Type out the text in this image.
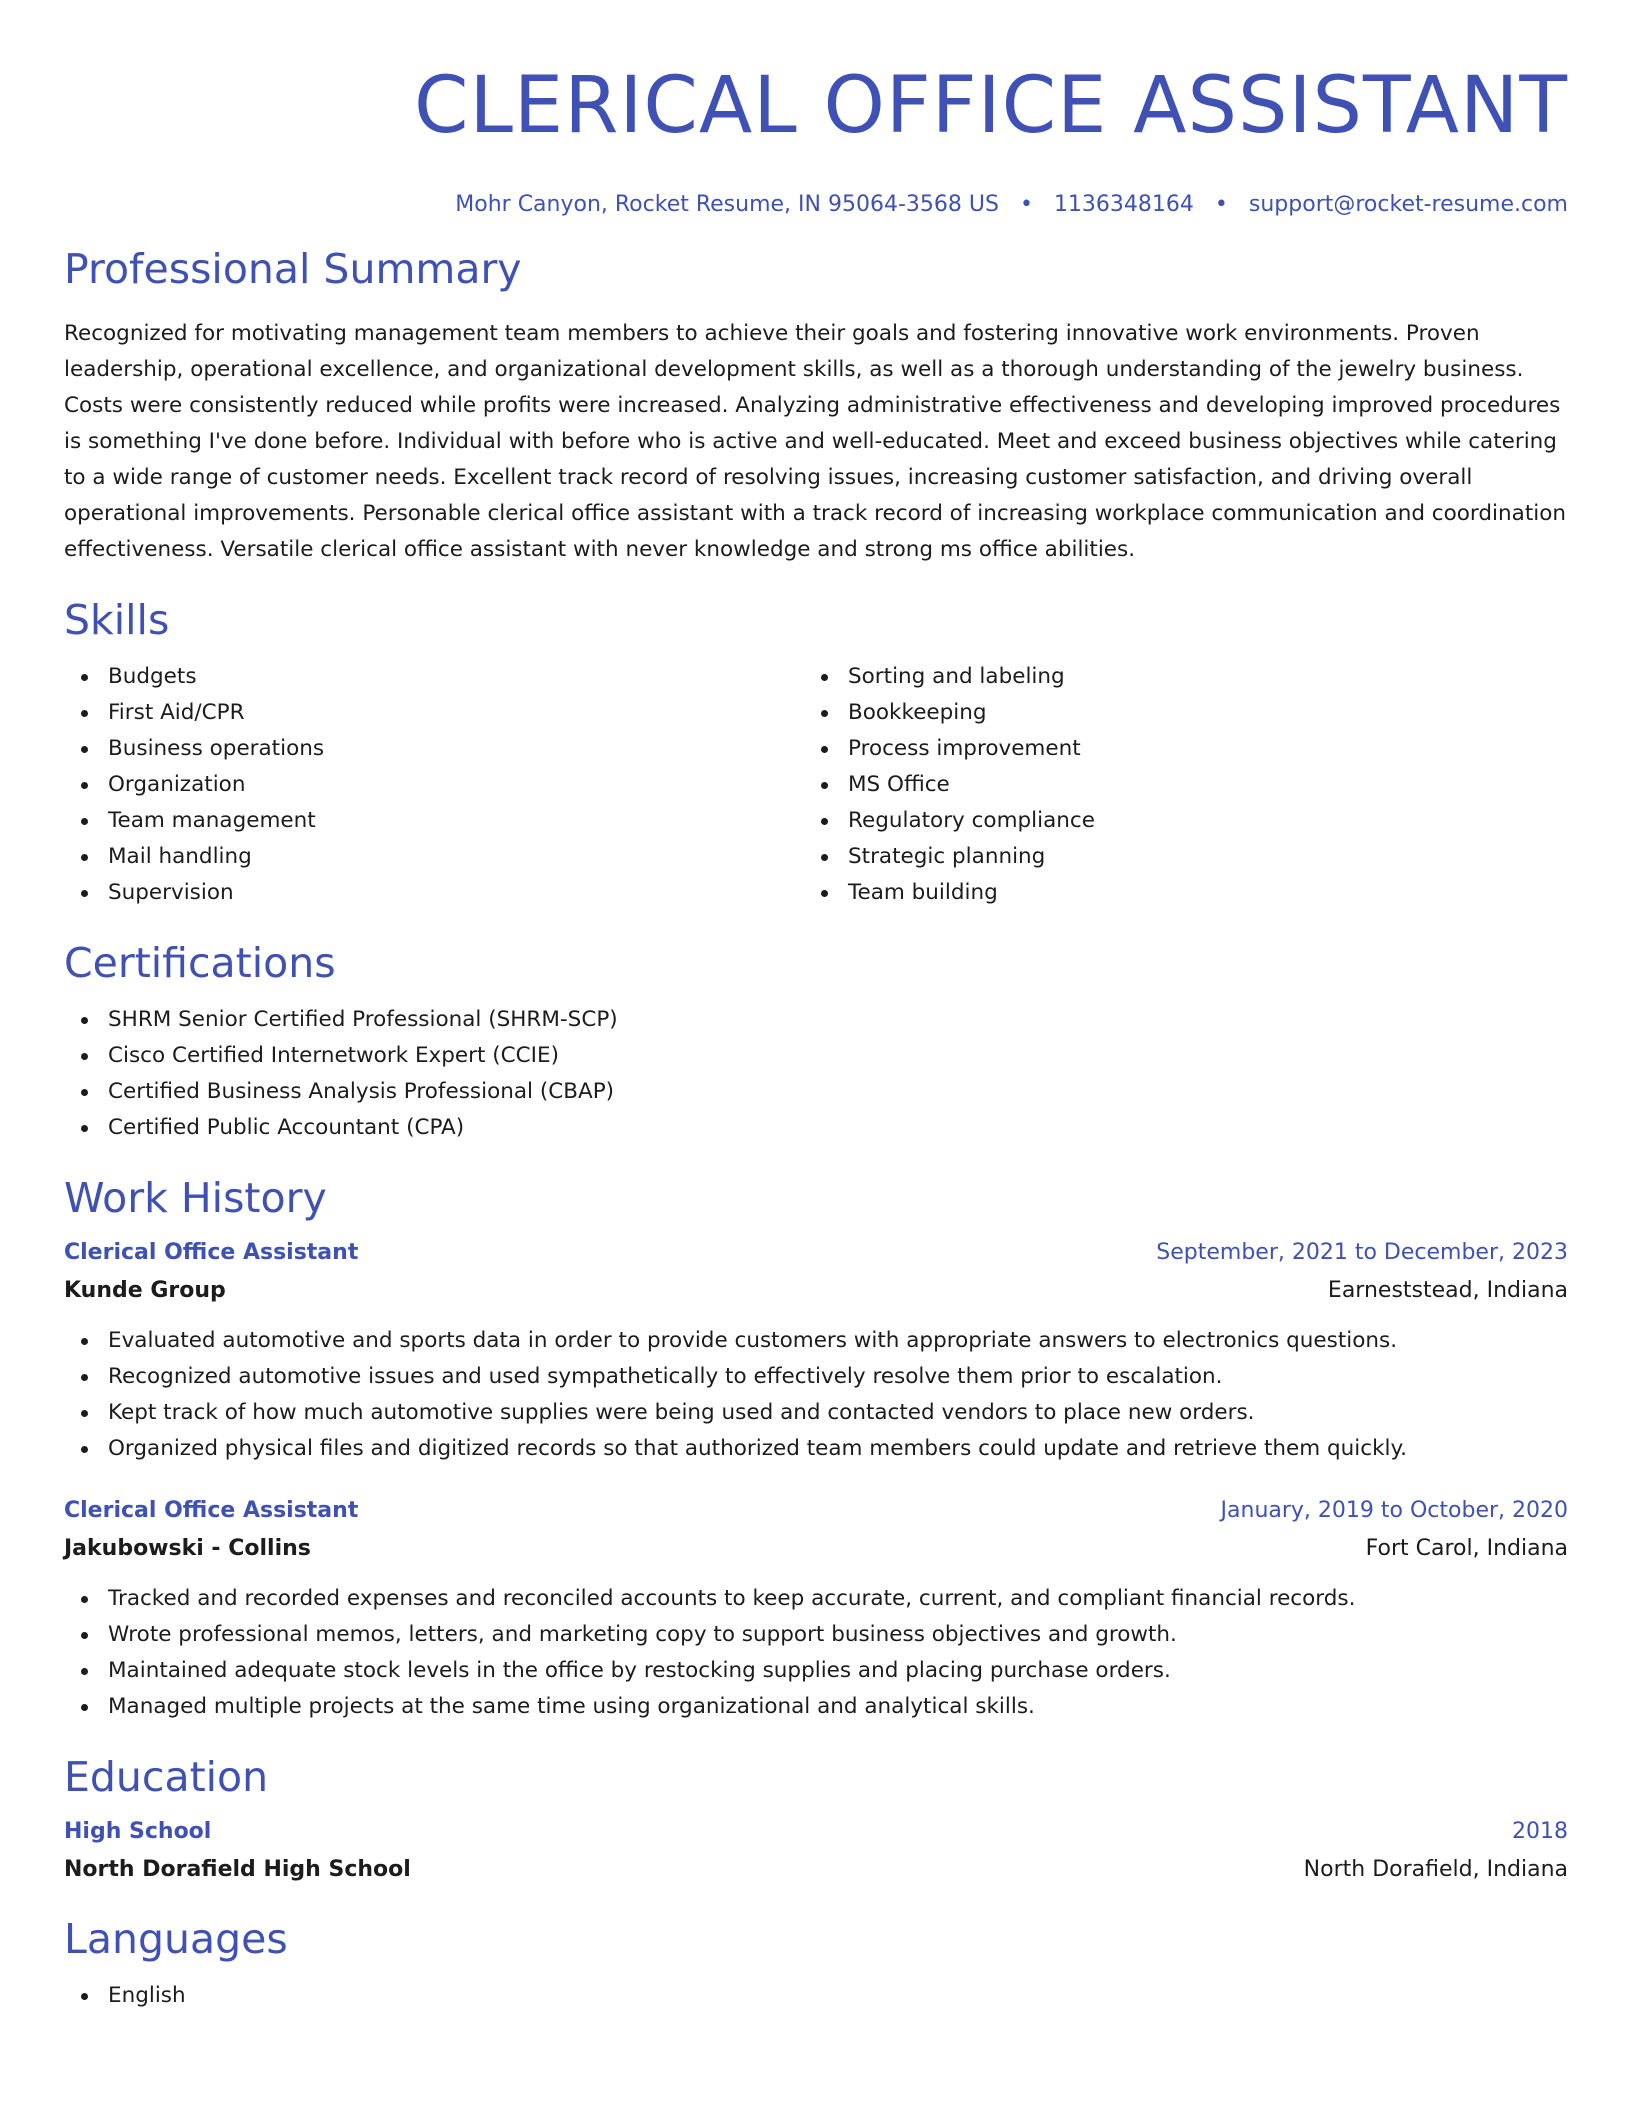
CLERICAL OFFICE ASSISTANT
Mohr Canyon, Rocket Resume, IN 95064-3568 US • 1136348164 • support@rocket-resume.com
Professional Summary
Recognized for motivating management team members to achieve their goals and fostering innovative work environments. Proven leadership, operational excellence, and organizational development skills, as well as a thorough understanding of the jewelry business. Costs were consistently reduced while profits were increased. Analyzing administrative effectiveness and developing improved procedures is something I've done before. Individual with before who is active and well-educated. Meet and exceed business objectives while catering to a wide range of customer needs. Excellent track record of resolving issues, increasing customer satisfaction, and driving overall operational improvements. Personable clerical office assistant with a track record of increasing workplace communication and coordination effectiveness. Versatile clerical office assistant with never knowledge and strong ms office abilities.
Skills
Budgets
First Aid/CPR
Business operations
Organization
Team management
Mail handling
Supervision
Sorting and labeling
Bookkeeping
Process improvement
MS Office
Regulatory compliance
Strategic planning
Team building
Certifications
SHRM Senior Certified Professional (SHRM-SCP)
Cisco Certified Internetwork Expert (CCIE)
Certified Business Analysis Professional (CBAP)
Certified Public Accountant (CPA)
Work History
Clerical Office Assistant	September, 2021 to December, 2023
Kunde Group	Earneststead, Indiana
Evaluated automotive and sports data in order to provide customers with appropriate answers to electronics questions.
Recognized automotive issues and used sympathetically to effectively resolve them prior to escalation.
Kept track of how much automotive supplies were being used and contacted vendors to place new orders.
Organized physical files and digitized records so that authorized team members could update and retrieve them quickly.
Clerical Office Assistant	January, 2019 to October, 2020
Jakubowski - Collins	Fort Carol, Indiana
Tracked and recorded expenses and reconciled accounts to keep accurate, current, and compliant financial records.
Wrote professional memos, letters, and marketing copy to support business objectives and growth.
Maintained adequate stock levels in the office by restocking supplies and placing purchase orders.
Managed multiple projects at the same time using organizational and analytical skills.
Education
High School	2018
North Dorafield High School	North Dorafield, Indiana
Languages
English
